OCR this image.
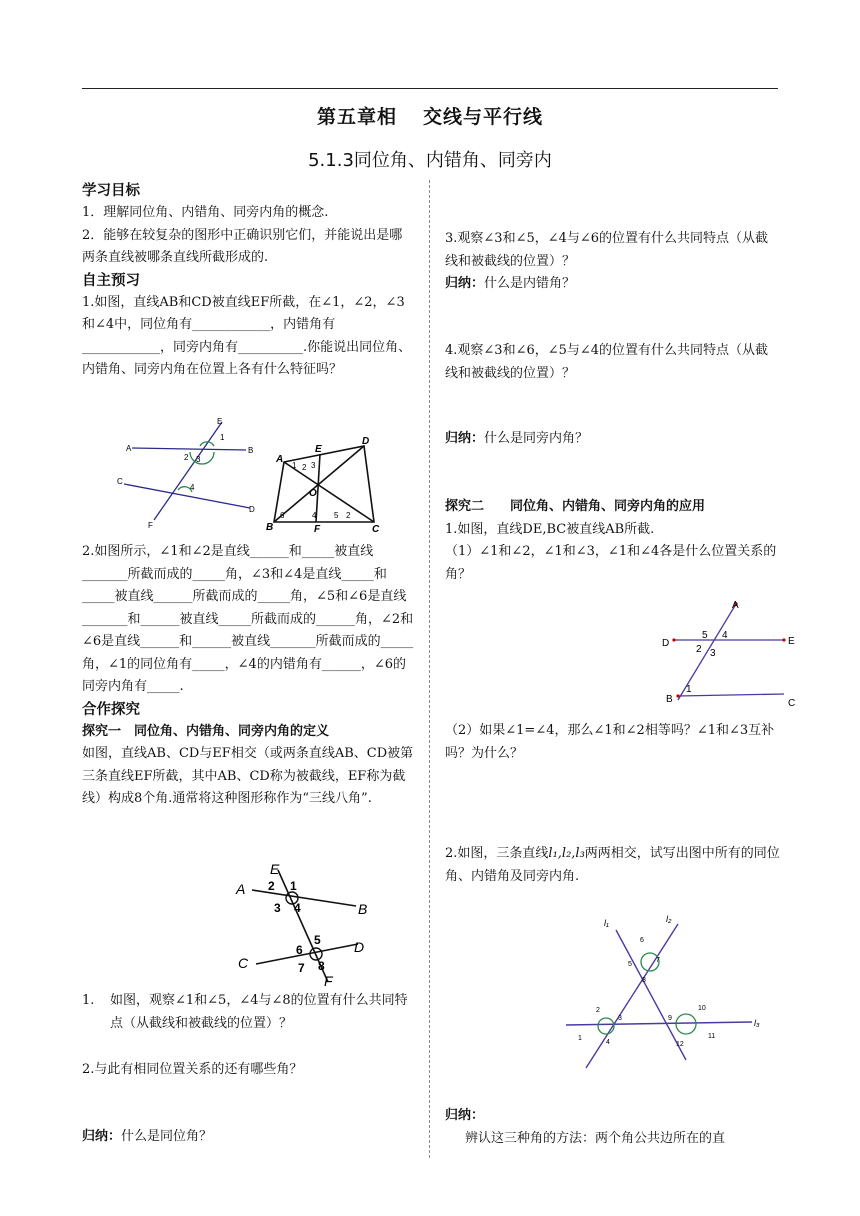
第五章相 交线与平行线
5.1.3同位角、内错角、同旁内

学习目标

1．理解同位角、内错角、同旁内角的概念.

2．能够在较复杂的图形中正确识别它们，并能说出是哪两条直线被哪条直线所截形成的.

自主预习

1.如图，直线AB和CD被直线EF所截，在∠1，∠2，∠3和∠4中，同位角有____________，内错角有____________，同旁内角有__________.你能说出同位角、内错角、同旁内角在位置上各有什么特征吗？

E
A	B
C
D
F
1
2 3
4
A
E
D
O
B	F	C
1 2 3
4 5
6	2

2.如图所示，∠1和∠2是直线______和_____被直线_______所截而成的_____角，∠3和∠4是直线_____和_____被直线______所截而成的_____角，∠5和∠6是直线_______和______被直线_____所截而成的______角，∠2和∠6是直线______和______被直线_______所截而成的_____角，∠1的同位角有_____，∠4的内错角有______，∠6的同旁内角有_____.

合作探究

探究一　同位角、内错角、同旁内角的定义

如图，直线AB、CD与EF相交（或两条直线AB、CD被第三条直线EF所截，其中AB、CD称为被截线，EF称为截线）构成8个角.通常将这种图形称作为“三线八角”.

E
A
B
C
D
F
1
2
3 4
5
6
7 8

1.	如图，观察∠1和∠5，∠4与∠8的位置有什么共同特点（从截线和被截线的位置）？

2.与此有相同位置关系的还有哪些角？

归纳：什么是同位角？

3.观察∠3和∠5，∠4与∠6的位置有什么共同特点（从截线和被截线的位置）？

归纳：什么是内错角？

4.观察∠3和∠6，∠5与∠4的位置有什么共同特点（从截线和被截线的位置）？

归纳：什么是同旁内角？

探究二　　同位角、内错角、同旁内角的应用

1.如图，直线DE,BC被直线AB所截.

（1）∠1和∠2，∠1和∠3，∠1和∠4各是什么位置关系的角？

A
D	E
B	C
1
2 3
4
5

（2）如果∠1=∠4，那么∠1和∠2相等吗？∠1和∠3互补吗？为什么？

2.如图，三条直线l₁,l₂,l₃两两相交，试写出图中所有的同位角、内错角及同旁内角.

l₁	l₂
l₃
6
5
7
8
2
3
1
4
9
10
11
12

归纳：

辨认这三种角的方法：两个角公共边所在的直
